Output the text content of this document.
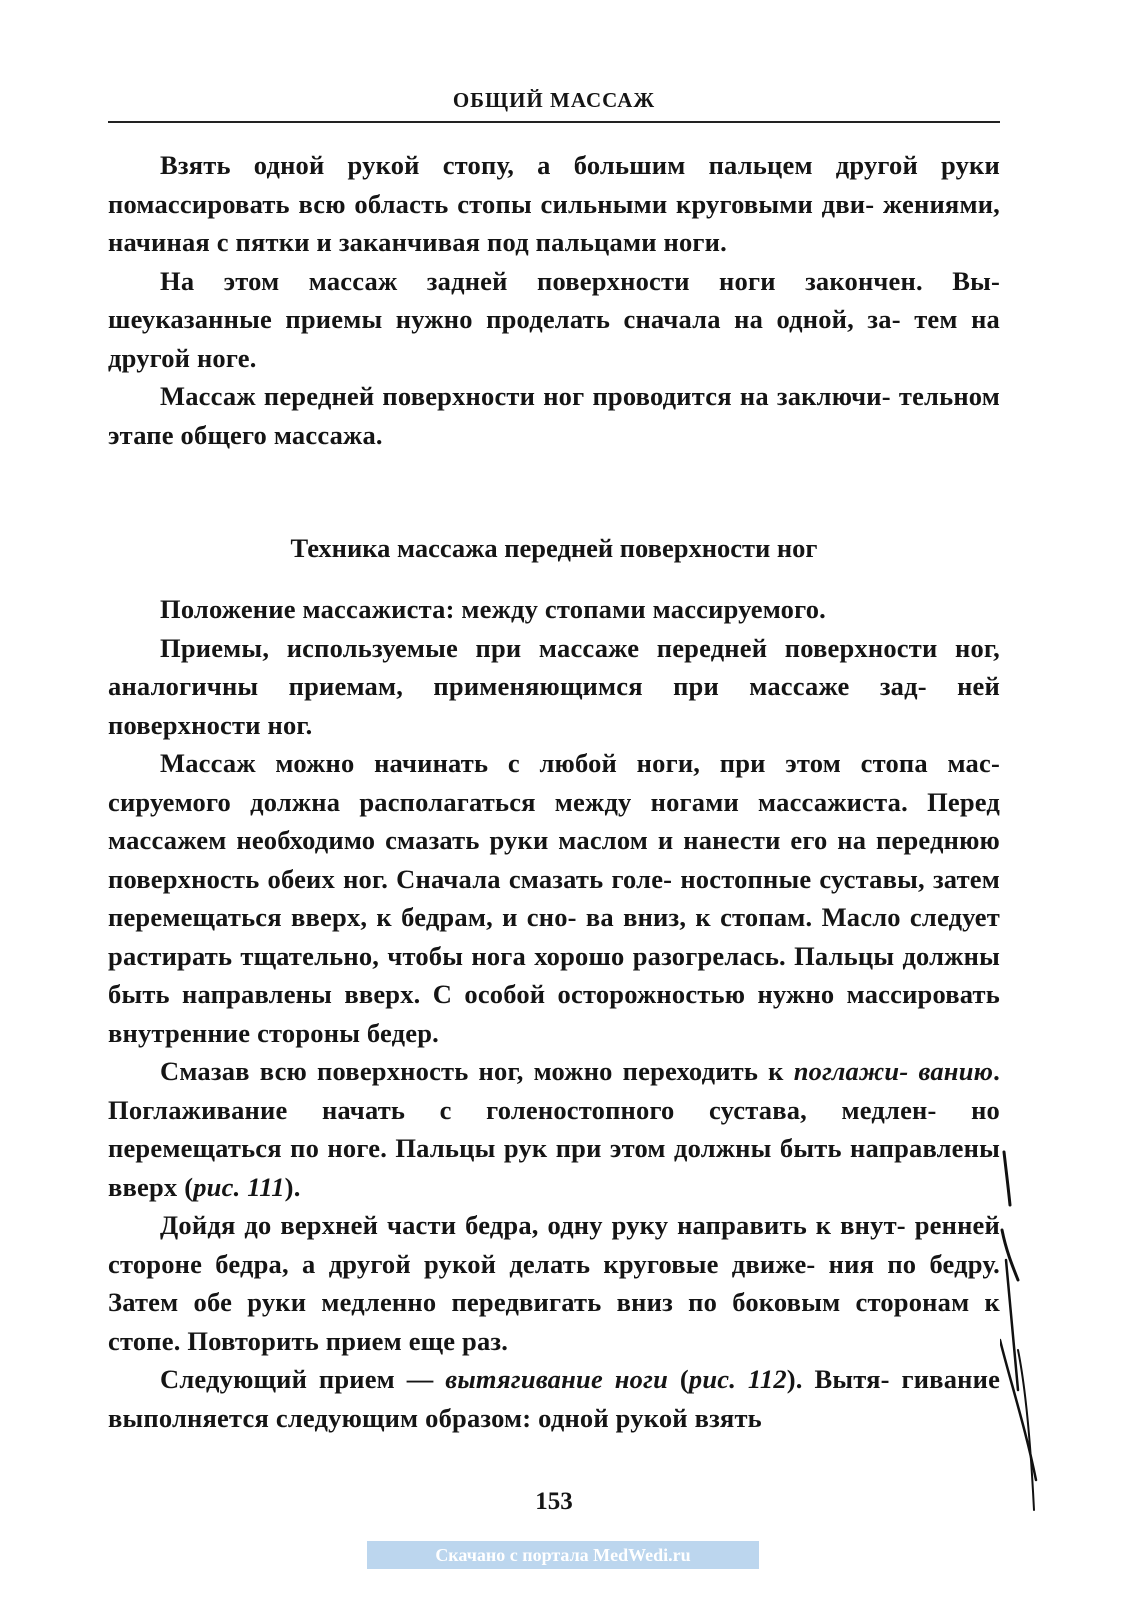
ОБЩИЙ МАССАЖ

Взять одной рукой стопу, а большим пальцем другой руки помассировать всю область стопы сильными круговыми дви- жениями, начиная с пятки и заканчивая под пальцами ноги.

На этом массаж задней поверхности ноги закончен. Вы- шеуказанные приемы нужно проделать сначала на одной, за- тем на другой ноге.

Массаж передней поверхности ног проводится на заключи- тельном этапе общего массажа.

Техника массажа передней поверхности ног

Положение массажиста: между стопами массируемого.

Приемы, используемые при массаже передней поверхности ног, аналогичны приемам, применяющимся при массаже зад- ней поверхности ног.

Массаж можно начинать с любой ноги, при этом стопа мас- сируемого должна располагаться между ногами массажиста. Перед массажем необходимо смазать руки маслом и нанести его на переднюю поверхность обеих ног. Сначала смазать голе- ностопные суставы, затем перемещаться вверх, к бедрам, и сно- ва вниз, к стопам. Масло следует растирать тщательно, чтобы нога хорошо разогрелась. Пальцы должны быть направлены вверх. С особой осторожностью нужно массировать внутренние стороны бедер.

Смазав всю поверхность ног, можно переходить к поглажи- ванию. Поглаживание начать с голеностопного сустава, медлен- но перемещаться по ноге. Пальцы рук при этом должны быть направлены вверх (рис. 111).

Дойдя до верхней части бедра, одну руку направить к внут- ренней стороне бедра, а другой рукой делать круговые движе- ния по бедру. Затем обе руки медленно передвигать вниз по боковым сторонам к стопе. Повторить прием еще раз.

Следующий прием — вытягивание ноги (рис. 112). Вытя- гивание выполняется следующим образом: одной рукой взять

153
Скачано с портала MedWedi.ru
